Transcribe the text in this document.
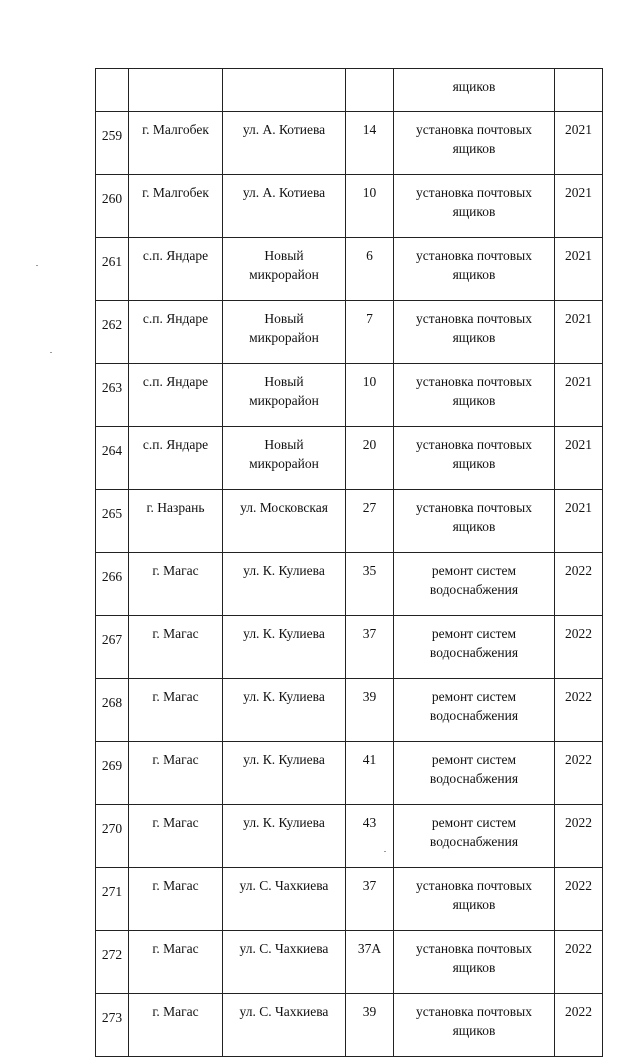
				ящиков	

259	г. Малгобек	ул. А. Котиева	14	установка почтовых
ящиков	2021

260	г. Малгобек	ул. А. Котиева	10	установка почтовых
ящиков	2021

261	с.п. Яндаре	Новый
микрорайон	6	установка почтовых
ящиков	2021

262	с.п. Яндаре	Новый
микрорайон	7	установка почтовых
ящиков	2021

263	с.п. Яндаре	Новый
микрорайон	10	установка почтовых
ящиков	2021

264	с.п. Яндаре	Новый
микрорайон	20	установка почтовых
ящиков	2021

265	г. Назрань	ул. Московская	27	установка почтовых
ящиков	2021

266	г. Магас	ул. К. Кулиева	35	ремонт систем
водоснабжения	2022

267	г. Магас	ул. К. Кулиева	37	ремонт систем
водоснабжения	2022

268	г. Магас	ул. К. Кулиева	39	ремонт систем
водоснабжения	2022

269	г. Магас	ул. К. Кулиева	41	ремонт систем
водоснабжения	2022

270	г. Магас	ул. К. Кулиева	43	ремонт систем
водоснабжения	2022

271	г. Магас	ул. С. Чахкиева	37	установка почтовых
ящиков	2022

272	г. Магас	ул. С. Чахкиева	37А	установка почтовых
ящиков	2022

273	г. Магас	ул. С. Чахкиева	39	установка почтовых
ящиков	2022
